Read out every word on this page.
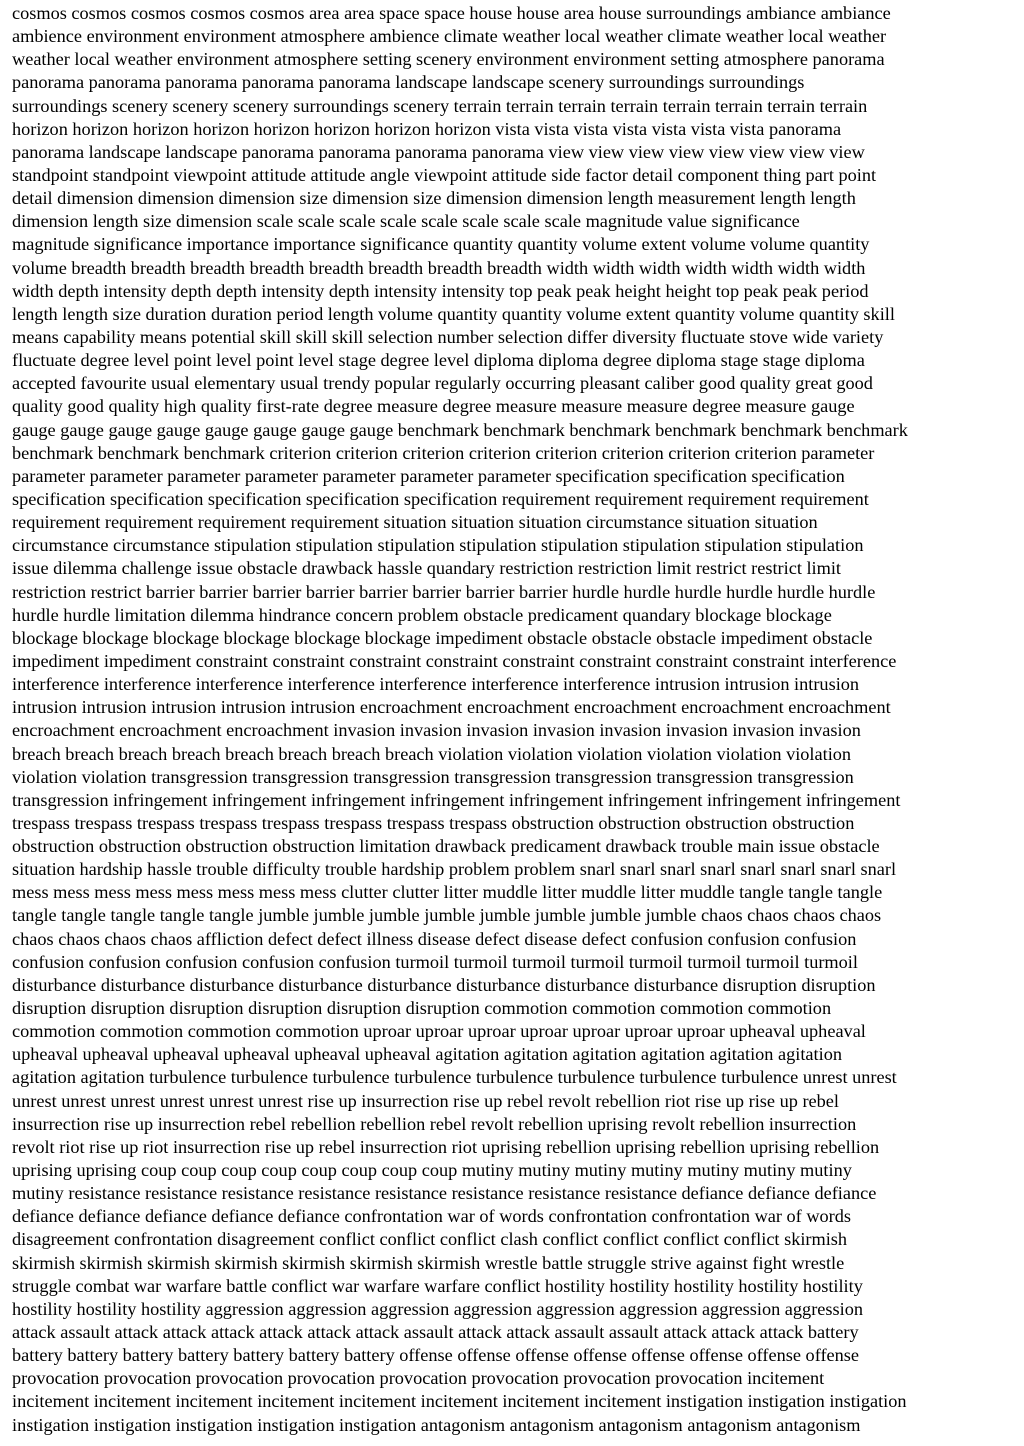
cosmos cosmos cosmos cosmos cosmos area area space space house house area house surroundings ambiance ambiance
ambience environment environment atmosphere ambience climate weather local weather climate weather local weather
weather local weather environment atmosphere setting scenery environment environment setting atmosphere panorama
panorama panorama panorama panorama panorama landscape landscape scenery surroundings surroundings
surroundings scenery scenery scenery surroundings scenery terrain terrain terrain terrain terrain terrain terrain terrain
horizon horizon horizon horizon horizon horizon horizon horizon vista vista vista vista vista vista vista panorama
panorama landscape landscape panorama panorama panorama panorama view view view view view view view view
standpoint standpoint viewpoint attitude attitude angle viewpoint attitude side factor detail component thing part point
detail dimension dimension dimension size dimension size dimension dimension length measurement length length
dimension length size dimension scale scale scale scale scale scale scale scale magnitude value significance
magnitude significance importance importance significance quantity quantity volume extent volume volume quantity
volume breadth breadth breadth breadth breadth breadth breadth breadth width width width width width width width
width depth intensity depth depth intensity depth intensity intensity top peak peak height height top peak peak period
length length size duration duration period length volume quantity quantity volume extent quantity volume quantity skill
means capability means potential skill skill skill selection number selection differ diversity fluctuate stove wide variety
fluctuate degree level point level point level stage degree level diploma diploma degree diploma stage stage diploma
accepted favourite usual elementary usual trendy popular regularly occurring pleasant caliber good quality great good
quality good quality high quality first-rate degree measure degree measure measure measure degree measure gauge
gauge gauge gauge gauge gauge gauge gauge gauge benchmark benchmark benchmark benchmark benchmark benchmark
benchmark benchmark benchmark criterion criterion criterion criterion criterion criterion criterion criterion parameter
parameter parameter parameter parameter parameter parameter parameter specification specification specification
specification specification specification specification specification requirement requirement requirement requirement
requirement requirement requirement requirement situation situation situation circumstance situation situation
circumstance circumstance stipulation stipulation stipulation stipulation stipulation stipulation stipulation stipulation
issue dilemma challenge issue obstacle drawback hassle quandary restriction restriction limit restrict restrict limit
restriction restrict barrier barrier barrier barrier barrier barrier barrier barrier hurdle hurdle hurdle hurdle hurdle hurdle
hurdle hurdle limitation dilemma hindrance concern problem obstacle predicament quandary blockage blockage
blockage blockage blockage blockage blockage blockage impediment obstacle obstacle obstacle impediment obstacle
impediment impediment constraint constraint constraint constraint constraint constraint constraint constraint interference
interference interference interference interference interference interference interference intrusion intrusion intrusion
intrusion intrusion intrusion intrusion intrusion encroachment encroachment encroachment encroachment encroachment
encroachment encroachment encroachment invasion invasion invasion invasion invasion invasion invasion invasion
breach breach breach breach breach breach breach breach violation violation violation violation violation violation
violation violation transgression transgression transgression transgression transgression transgression transgression
transgression infringement infringement infringement infringement infringement infringement infringement infringement
trespass trespass trespass trespass trespass trespass trespass trespass obstruction obstruction obstruction obstruction
obstruction obstruction obstruction obstruction limitation drawback predicament drawback trouble main issue obstacle
situation hardship hassle trouble difficulty trouble hardship problem problem snarl snarl snarl snarl snarl snarl snarl snarl
mess mess mess mess mess mess mess mess clutter clutter litter muddle litter muddle litter muddle tangle tangle tangle
tangle tangle tangle tangle tangle jumble jumble jumble jumble jumble jumble jumble jumble chaos chaos chaos chaos
chaos chaos chaos chaos affliction defect defect illness disease defect disease defect confusion confusion confusion
confusion confusion confusion confusion confusion turmoil turmoil turmoil turmoil turmoil turmoil turmoil turmoil
disturbance disturbance disturbance disturbance disturbance disturbance disturbance disturbance disruption disruption
disruption disruption disruption disruption disruption disruption commotion commotion commotion commotion
commotion commotion commotion commotion uproar uproar uproar uproar uproar uproar uproar upheaval upheaval
upheaval upheaval upheaval upheaval upheaval upheaval agitation agitation agitation agitation agitation agitation
agitation agitation turbulence turbulence turbulence turbulence turbulence turbulence turbulence turbulence unrest unrest
unrest unrest unrest unrest unrest unrest rise up insurrection rise up rebel revolt rebellion riot rise up rise up rebel
insurrection rise up insurrection rebel rebellion rebellion rebel revolt rebellion uprising revolt rebellion insurrection
revolt riot rise up riot insurrection rise up rebel insurrection riot uprising rebellion uprising rebellion uprising rebellion
uprising uprising coup coup coup coup coup coup coup coup mutiny mutiny mutiny mutiny mutiny mutiny mutiny
mutiny resistance resistance resistance resistance resistance resistance resistance resistance defiance defiance defiance
defiance defiance defiance defiance defiance confrontation war of words confrontation confrontation war of words
disagreement confrontation disagreement conflict conflict conflict clash conflict conflict conflict conflict skirmish
skirmish skirmish skirmish skirmish skirmish skirmish skirmish wrestle battle struggle strive against fight wrestle
struggle combat war warfare battle conflict war warfare warfare conflict hostility hostility hostility hostility hostility
hostility hostility hostility aggression aggression aggression aggression aggression aggression aggression aggression
attack assault attack attack attack attack attack attack assault attack attack assault assault attack attack attack battery
battery battery battery battery battery battery battery offense offense offense offense offense offense offense offense
provocation provocation provocation provocation provocation provocation provocation provocation incitement
incitement incitement incitement incitement incitement incitement incitement incitement instigation instigation instigation
instigation instigation instigation instigation instigation antagonism antagonism antagonism antagonism antagonism
